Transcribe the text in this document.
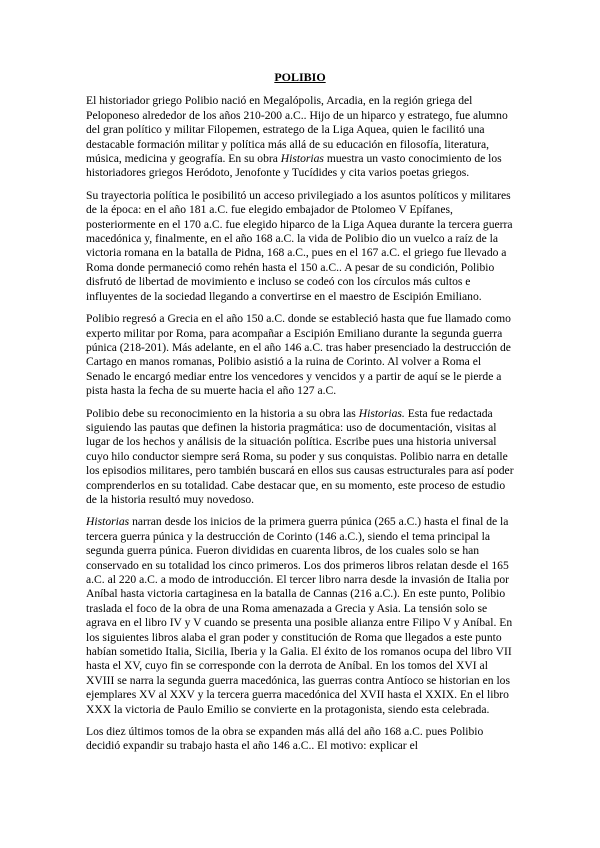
POLIBIO

El historiador griego Polibio nació en Megalópolis, Arcadia, en la región griega del Peloponeso alrededor de los años 210-200 a.C.. Hijo de un hiparco y estratego, fue alumno del gran político y militar Filopemen, estratego de la Liga Aquea, quien le facilitó una destacable formación militar y política más allá de su educación en filosofía, literatura, música, medicina y geografía. En su obra Historias muestra un vasto conocimiento de los historiadores griegos Heródoto, Jenofonte y Tucídides y cita varios poetas griegos.

Su trayectoria política le posibilitó un acceso privilegiado a los asuntos políticos y militares de la época: en el año 181 a.C. fue elegido embajador de Ptolomeo V Epífanes, posteriormente en el 170 a.C. fue elegido hiparco de la Liga Aquea durante la tercera guerra macedónica y, finalmente, en el año 168 a.C. la vida de Polibio dio un vuelco a raíz de la victoria romana en la batalla de Pidna, 168 a.C., pues en el 167 a.C. el griego fue llevado a Roma donde permaneció como rehén hasta el 150 a.C.. A pesar de su condición, Polibio disfrutó de libertad de movimiento e incluso se codeó con los círculos más cultos e influyentes de la sociedad llegando a convertirse en el maestro de Escipión Emiliano.

Polibio regresó a Grecia en el año 150 a.C. donde se estableció hasta que fue llamado como experto militar por Roma, para acompañar a Escipión Emiliano durante la segunda guerra púnica (218-201). Más adelante, en el año 146 a.C. tras haber presenciado la destrucción de Cartago en manos romanas, Polibio asistió a la ruina de Corinto. Al volver a Roma el Senado le encargó mediar entre los vencedores y vencidos y a partir de aquí se le pierde a pista hasta la fecha de su muerte hacia el año 127 a.C.

Polibio debe su reconocimiento en la historia a su obra las Historias. Esta fue redactada siguiendo las pautas que definen la historia pragmática: uso de documentación, visitas al lugar de los hechos y análisis de la situación política. Escribe pues una historia universal cuyo hilo conductor siempre será Roma, su poder y sus conquistas. Polibio narra en detalle los episodios militares, pero también buscará en ellos sus causas estructurales para así poder comprenderlos en su totalidad. Cabe destacar que, en su momento, este proceso de estudio de la historia resultó muy novedoso.

Historias narran desde los inicios de la primera guerra púnica (265 a.C.) hasta el final de la tercera guerra púnica y la destrucción de Corinto (146 a.C.), siendo el tema principal la segunda guerra púnica. Fueron divididas en cuarenta libros, de los cuales solo se han conservado en su totalidad los cinco primeros. Los dos primeros libros relatan desde el 165 a.C. al 220 a.C. a modo de introducción. El tercer libro narra desde la invasión de Italia por Aníbal hasta victoria cartaginesa en la batalla de Cannas (216 a.C.). En este punto, Polibio traslada el foco de la obra de una Roma amenazada a Grecia y Asia. La tensión solo se agrava en el libro IV y V cuando se presenta una posible alianza entre Filipo V y Aníbal. En los siguientes libros alaba el gran poder y constitución de Roma que llegados a este punto habían sometido Italia, Sicilia, Iberia y la Galia. El éxito de los romanos ocupa del libro VII hasta el XV, cuyo fin se corresponde con la derrota de Aníbal. En los tomos del XVI al XVIII se narra la segunda guerra macedónica, las guerras contra Antíoco se historian en los ejemplares XV al XXV y la tercera guerra macedónica del XVII hasta el XXIX. En el libro XXX la victoria de Paulo Emilio se convierte en la protagonista, siendo esta celebrada.

Los diez últimos tomos de la obra se expanden más allá del año 168 a.C. pues Polibio decidió expandir su trabajo hasta el año 146 a.C.. El motivo: explicar el
